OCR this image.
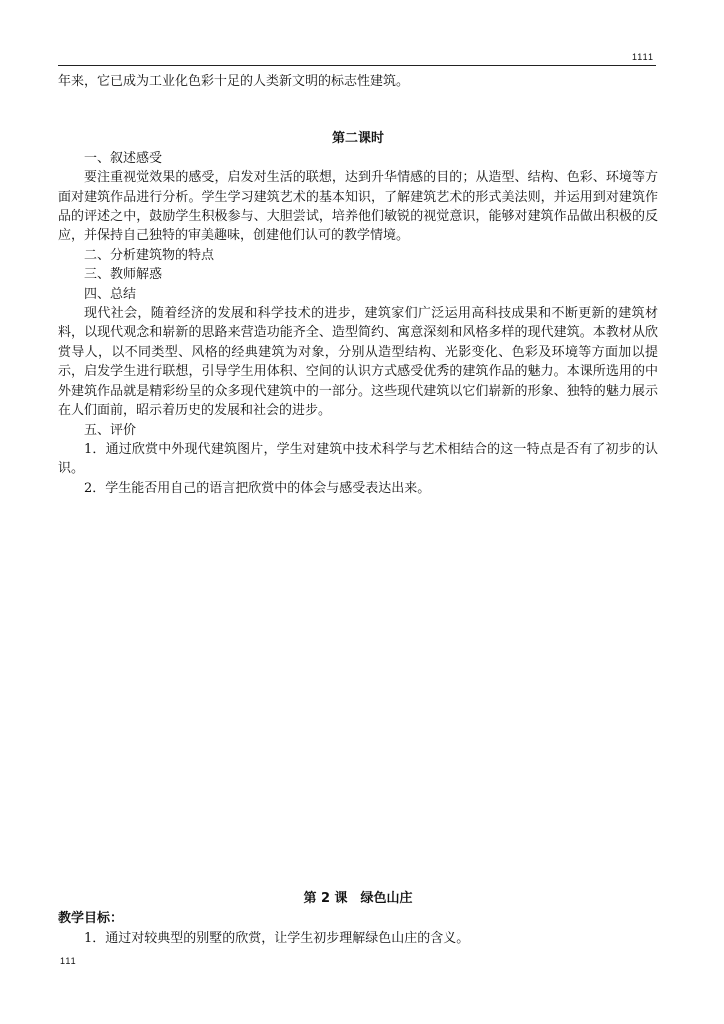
1111

年来，它已成为工业化色彩十足的人类新文明的标志性建筑。

第二课时

一、叙述感受

要注重视觉效果的感受，启发对生活的联想，达到升华情感的目的；从造型、结构、色彩、环境等方面对建筑作品进行分析。学生学习建筑艺术的基本知识，了解建筑艺术的形式美法则，并运用到对建筑作品的评述之中，鼓励学生积极参与、大胆尝试，培养他们敏锐的视觉意识，能够对建筑作品做出积极的反应，并保持自己独特的审美趣味，创建他们认可的教学情境。

二、分析建筑物的特点

三、教师解惑

四、总结

现代社会，随着经济的发展和科学技术的进步，建筑家们广泛运用高科技成果和不断更新的建筑材料，以现代观念和崭新的思路来营造功能齐全、造型简约、寓意深刻和风格多样的现代建筑。本教材从欣赏导人，以不同类型、风格的经典建筑为对象，分别从造型结构、光影变化、色彩及环境等方面加以提示，启发学生进行联想，引导学生用体积、空间的认识方式感受优秀的建筑作品的魅力。本课所选用的中外建筑作品就是精彩纷呈的众多现代建筑中的一部分。这些现代建筑以它们崭新的形象、独特的魅力展示在人们面前，昭示着历史的发展和社会的进步。

五、评价

1．通过欣赏中外现代建筑图片，学生对建筑中技术科学与艺术相结合的这一特点是否有了初步的认识。

2．学生能否用自己的语言把欣赏中的体会与感受表达出来。

第 2 课　绿色山庄

教学目标：

1．通过对较典型的别墅的欣赏，让学生初步理解绿色山庄的含义。

111
